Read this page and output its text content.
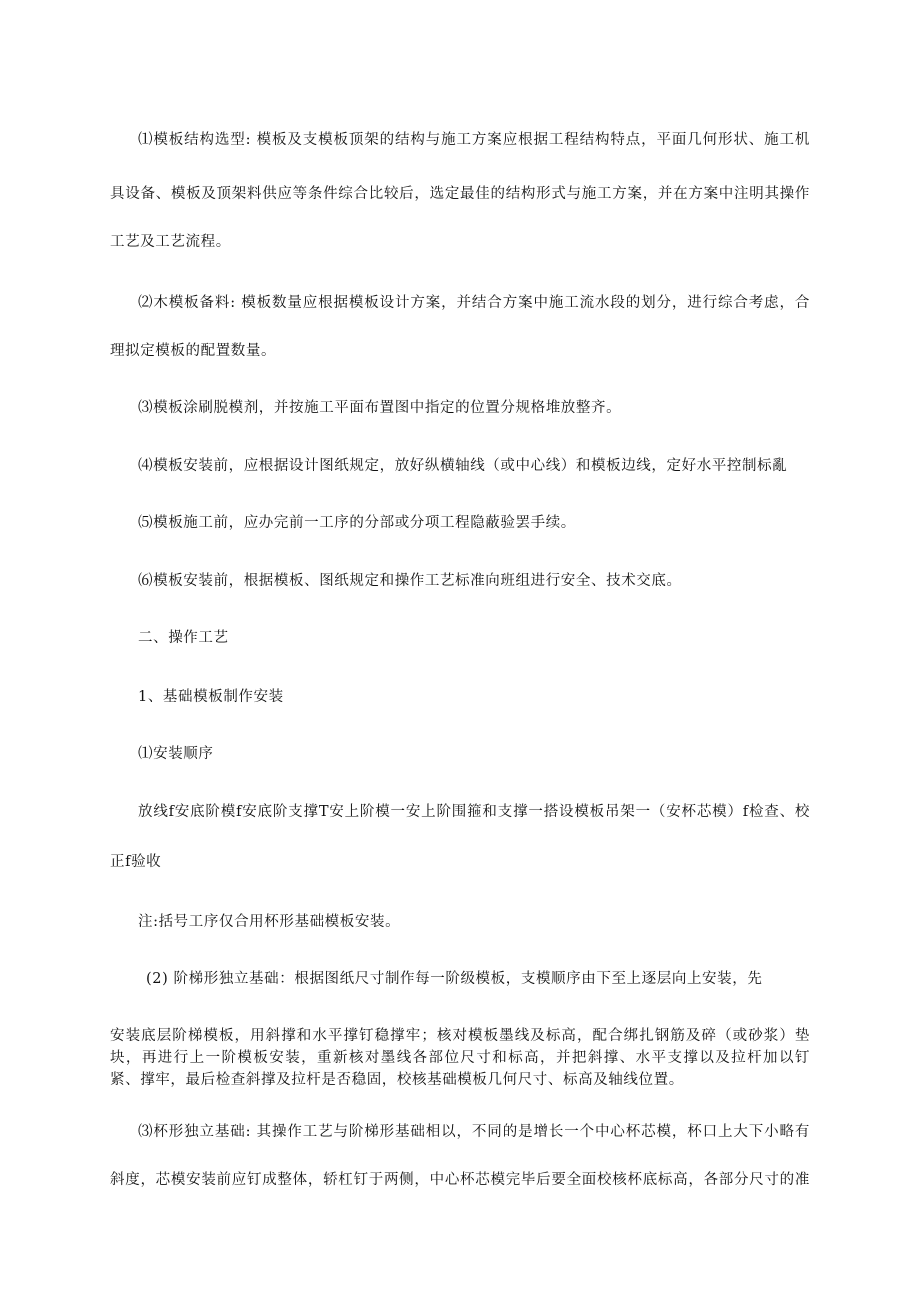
⑴模板结构选型: 模板及支模板顶架的结构与施工方案应根据工程结构特点，平面几何形状、施工机
具设备、模板及顶架料供应等条件综合比较后，选定最佳的结构形式与施工方案，并在方案中注明其操作
工艺及工艺流程。
⑵木模板备料: 模板数量应根据模板设计方案，并结合方案中施工流水段的划分，进行综合考虑，合
理拟定模板的配置数量。
⑶模板涂刷脱模剂，并按施工平面布置图中指定的位置分规格堆放整齐。
⑷模板安装前，应根据设计图纸规定，放好纵横轴线（或中心线）和模板边线，定好水平控制标亂
⑸模板施工前，应办完前一工序的分部或分项工程隐蔽验罢手续。
⑹模板安装前，根据模板、图纸规定和操作工艺标准向班组进行安全、技术交底。
二、操作工艺
1、基础模板制作安装
⑴安装顺序
放线f安底阶模f安底阶支撑T安上阶模一安上阶围箍和支撑一搭设模板吊架一（安杯芯模）f检查、校
正f验收
注:括号工序仅合用杯形基础模板安装。
(2) 阶梯形独立基础：根据图纸尺寸制作每一阶级模板，支模顺序由下至上逐层向上安装，先
安装底层阶梯模板，用斜撑和水平撑钉稳撑牢；核对模板墨线及标高，配合绑扎钢筋及碎（或砂浆）垫
块，再进行上一阶模板安装，重新核对墨线各部位尺寸和标高，并把斜撑、水平支撑以及拉杆加以钉
紧、撑牢，最后检查斜撑及拉杆是否稳固，校核基础模板几何尺寸、标高及轴线位置。
⑶杯形独立基础: 其操作工艺与阶梯形基础相以，不同的是增长一个中心杯芯模，杯口上大下小略有
斜度，芯模安装前应钉成整体，轿杠钉于两侧，中心杯芯模完毕后要全面校核杯底标高，各部分尺寸的准
